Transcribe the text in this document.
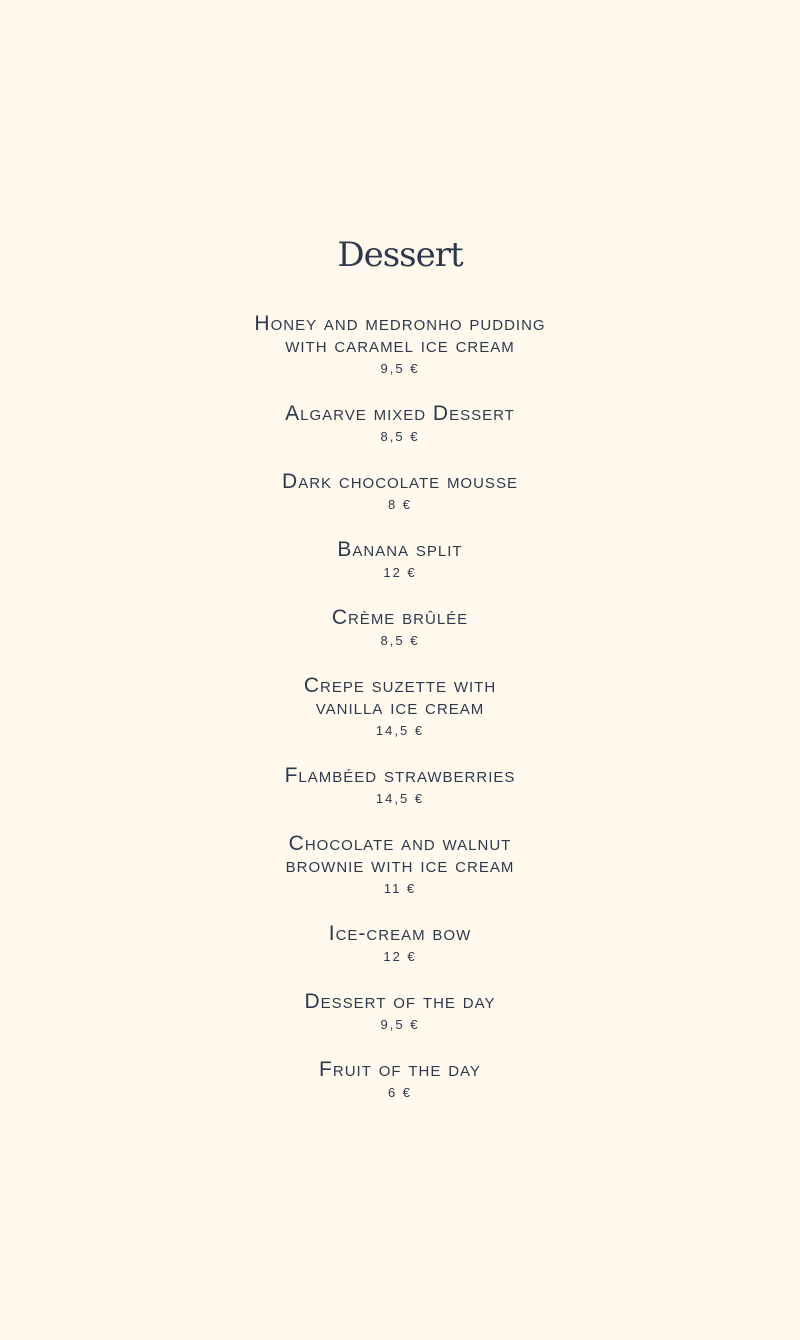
Dessert
Honey and medronho pudding
with caramel ice cream
9,5 €
Algarve mixed Dessert
8,5 €
Dark chocolate mousse
8 €
Banana split
12 €
Crème brûlée
8,5 €
Crepe suzette with
vanilla ice cream
14,5 €
Flambéed strawberries
14,5 €
Chocolate and walnut
brownie with ice cream
11 €
Ice-cream bow
12 €
Dessert of the day
9,5 €
Fruit of the day
6 €
